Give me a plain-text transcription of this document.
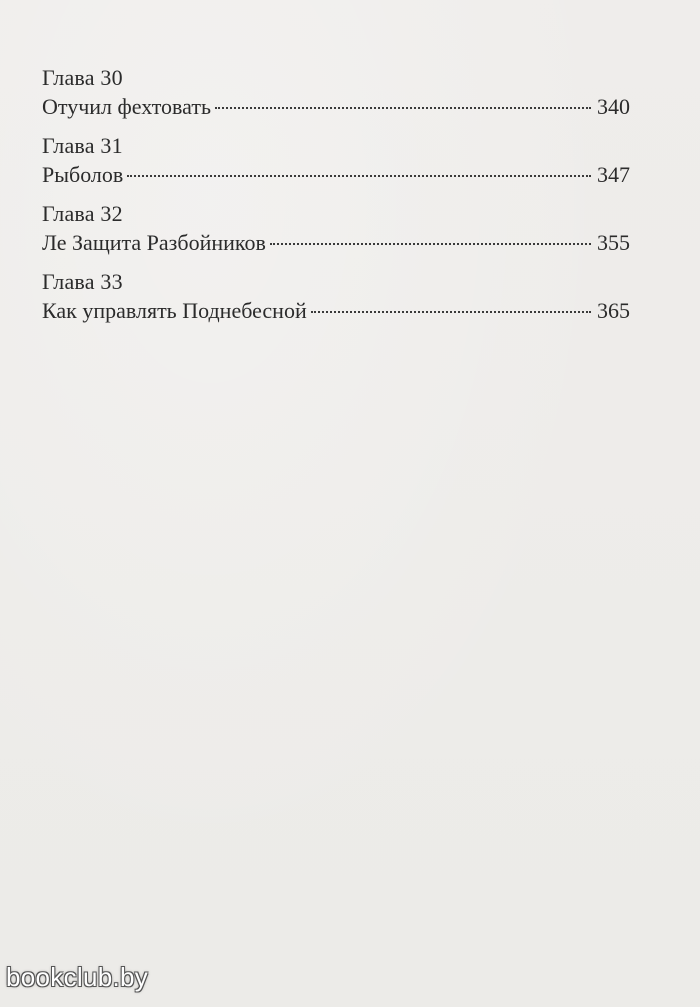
Глава 30
Отучил фехтовать	340
Глава 31
Рыболов	347
Глава 32
Ле Защита Разбойников	355
Глава 33
Как управлять Поднебесной	365
bookclub.by
